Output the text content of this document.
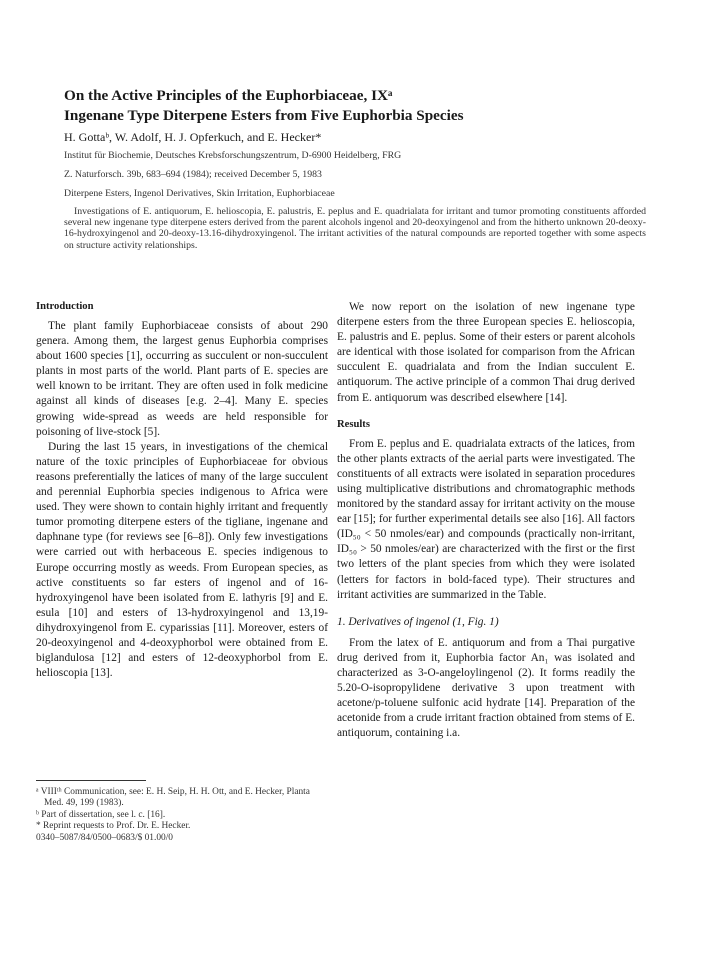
On the Active Principles of the Euphorbiaceae, IXᵃ
Ingenane Type Diterpene Esters from Five Euphorbia Species
H. Gottaᵇ, W. Adolf, H. J. Opferkuch, and E. Hecker*
Institut für Biochemie, Deutsches Krebsforschungszentrum, D-6900 Heidelberg, FRG
Z. Naturforsch. 39b, 683–694 (1984); received December 5, 1983
Diterpene Esters, Ingenol Derivatives, Skin Irritation, Euphorbiaceae
Investigations of E. antiquorum, E. helioscopia, E. palustris, E. peplus and E. quadrialata for irritant and tumor promoting constituents afforded several new ingenane type diterpene esters derived from the parent alcohols ingenol and 20-deoxyingenol and from the hitherto unknown 20-deoxy-16-hydroxyingenol and 20-deoxy-13.16-dihydroxyingenol. The irritant activities of the natural compounds are reported together with some aspects on structure activity relationships.
Introduction

The plant family Euphorbiaceae consists of about 290 genera. Among them, the largest genus Euphorbia comprises about 1600 species [1], occurring as succulent or non-succulent plants in most parts of the world. Plant parts of E. species are well known to be irritant. They are often used in folk medicine against all kinds of diseases [e.g. 2–4]. Many E. species growing wide-spread as weeds are held responsible for poisoning of live-stock [5].

During the last 15 years, in investigations of the chemical nature of the toxic principles of Euphorbiaceae for obvious reasons preferentially the latices of many of the large succulent and perennial Euphorbia species indigenous to Africa were used. They were shown to contain highly irritant and frequently tumor promoting diterpene esters of the tigliane, ingenane and daphnane type (for reviews see [6–8]). Only few investigations were carried out with herbaceous E. species indigenous to Europe occurring mostly as weeds. From European species, as active constituents so far esters of ingenol and of 16-hydroxyingenol have been isolated from E. lathyris [9] and E. esula [10] and esters of 13-hydroxyingenol and 13,19-dihydroxyingenol from E. cyparissias [11]. Moreover, esters of 20-deoxyingenol and 4-deoxyphorbol were obtained from E. biglandulosa [12] and esters of 12-deoxyphorbol from E. helioscopia [13].

We now report on the isolation of new ingenane type diterpene esters from the three European species E. helioscopia, E. palustris and E. peplus. Some of their esters or parent alcohols are identical with those isolated for comparison from the African succulent E. quadrialata and from the Indian succulent E. antiquorum. The active principle of a common Thai drug derived from E. antiquorum was described elsewhere [14].

Results

From E. peplus and E. quadrialata extracts of the latices, from the other plants extracts of the aerial parts were investigated. The constituents of all extracts were isolated in separation procedures using multiplicative distributions and chromatographic methods monitored by the standard assay for irritant activity on the mouse ear [15]; for further experimental details see also [16]. All factors (ID₅₀ < 50 nmoles/ear) and compounds (practically non-irritant, ID₅₀ > 50 nmoles/ear) are characterized with the first or the first two letters of the plant species from which they were isolated (letters for factors in bold-faced type). Their structures and irritant activities are summarized in the Table.

1. Derivatives of ingenol (1, Fig. 1)

From the latex of E. antiquorum and from a Thai purgative drug derived from it, Euphorbia factor An₁ was isolated and characterized as 3-O-angeloylingenol (2). It forms readily the 5.20-O-isopropylidene derivative 3 upon treatment with acetone/p-toluene sulfonic acid hydrate [14]. Preparation of the acetonide from a crude irritant fraction obtained from stems of E. antiquorum, containing i.a.

ᵃ VIIIᵗʰ Communication, see: E. H. Seip, H. H. Ott, and E. Hecker, Planta Med. 49, 199 (1983).
ᵇ Part of dissertation, see l. c. [16].
* Reprint requests to Prof. Dr. E. Hecker.
0340–5087/84/0500–0683/$ 01.00/0
